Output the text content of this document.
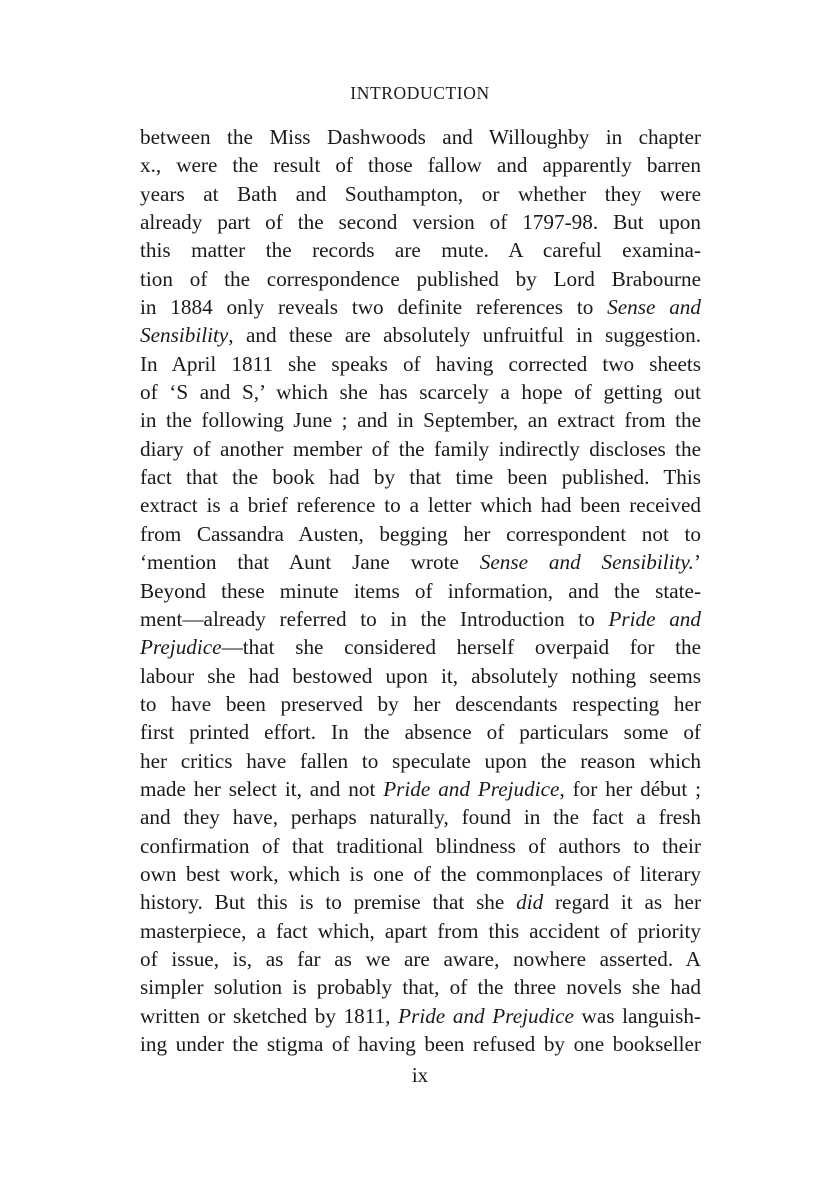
INTRODUCTION
between the Miss Dashwoods and Willoughby in chapter
x., were the result of those fallow and apparently barren
years at Bath and Southampton, or whether they were
already part of the second version of 1797-98. But upon
this matter the records are mute. A careful examina-
tion of the correspondence published by Lord Brabourne
in 1884 only reveals two definite references to Sense and
Sensibility, and these are absolutely unfruitful in suggestion.
In April 1811 she speaks of having corrected two sheets
of ‘S and S,’ which she has scarcely a hope of getting out
in the following June ; and in September, an extract from the
diary of another member of the family indirectly discloses the
fact that the book had by that time been published. This
extract is a brief reference to a letter which had been received
from Cassandra Austen, begging her correspondent not to
‘mention that Aunt Jane wrote Sense and Sensibility.’
Beyond these minute items of information, and the state-
ment—already referred to in the Introduction to Pride and
Prejudice—that she considered herself overpaid for the
labour she had bestowed upon it, absolutely nothing seems
to have been preserved by her descendants respecting her
first printed effort. In the absence of particulars some of
her critics have fallen to speculate upon the reason which
made her select it, and not Pride and Prejudice, for her début ;
and they have, perhaps naturally, found in the fact a fresh
confirmation of that traditional blindness of authors to their
own best work, which is one of the commonplaces of literary
history. But this is to premise that she did regard it as her
masterpiece, a fact which, apart from this accident of priority
of issue, is, as far as we are aware, nowhere asserted. A
simpler solution is probably that, of the three novels she had
written or sketched by 1811, Pride and Prejudice was languish-
ing under the stigma of having been refused by one bookseller
ix
